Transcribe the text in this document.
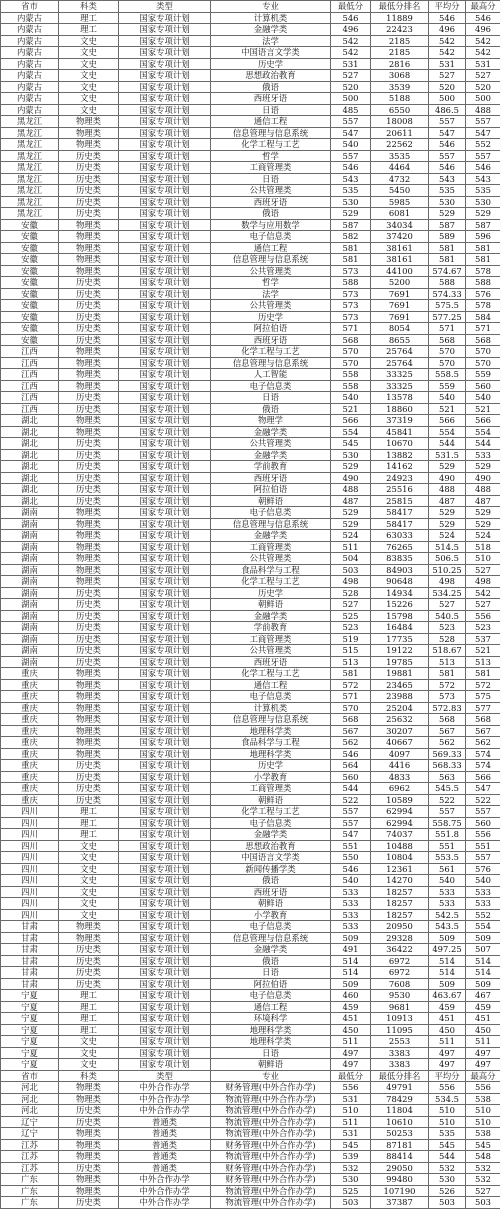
省市	科类	类型	专业	最低分	最低分排名	平均分	最高分
内蒙古	理工	国家专项计划	计算机类	546	11889	546	546
内蒙古	理工	国家专项计划	金融学类	496	22423	496	496
内蒙古	文史	国家专项计划	法学	542	2185	542	542
内蒙古	文史	国家专项计划	中国语言文学类	542	2185	542	542
内蒙古	文史	国家专项计划	历史学	531	2816	531	531
内蒙古	文史	国家专项计划	思想政治教育	527	3068	527	527
内蒙古	文史	国家专项计划	俄语	520	3539	520	520
内蒙古	文史	国家专项计划	西班牙语	500	5188	500	500
内蒙古	文史	国家专项计划	日语	485	6550	486.5	488
黑龙江	物理类	国家专项计划	通信工程	557	18008	557	557
黑龙江	物理类	国家专项计划	信息管理与信息系统	547	20611	547	547
黑龙江	物理类	国家专项计划	化学工程与工艺	540	22562	546	552
黑龙江	历史类	国家专项计划	哲学	557	3535	557	557
黑龙江	历史类	国家专项计划	工商管理类	546	4464	546	546
黑龙江	历史类	国家专项计划	日语	543	4732	543	543
黑龙江	历史类	国家专项计划	公共管理类	535	5450	535	535
黑龙江	历史类	国家专项计划	西班牙语	530	5985	530	530
黑龙江	历史类	国家专项计划	俄语	529	6081	529	529
安徽	物理类	国家专项计划	数学与应用数学	587	34034	587	587
安徽	物理类	国家专项计划	电子信息类	582	37420	589	596
安徽	物理类	国家专项计划	通信工程	581	38161	581	581
安徽	物理类	国家专项计划	信息管理与信息系统	581	38161	581	581
安徽	物理类	国家专项计划	公共管理类	573	44100	574.67	578
安徽	历史类	国家专项计划	哲学	588	5200	588	588
安徽	历史类	国家专项计划	法学	573	7691	574.33	576
安徽	历史类	国家专项计划	公共管理类	573	7691	575.5	578
安徽	历史类	国家专项计划	历史学	573	7691	577.25	584
安徽	历史类	国家专项计划	阿拉伯语	571	8054	571	571
安徽	历史类	国家专项计划	西班牙语	568	8655	568	568
江西	物理类	国家专项计划	化学工程与工艺	570	25764	570	570
江西	物理类	国家专项计划	信息管理与信息系统	570	25764	570	570
江西	物理类	国家专项计划	人工智能	558	33325	558.5	559
江西	物理类	国家专项计划	电子信息类	558	33325	559	560
江西	历史类	国家专项计划	日语	540	13578	540	540
江西	历史类	国家专项计划	俄语	521	18860	521	521
湖北	物理类	国家专项计划	物理学	566	37319	566	566
湖北	物理类	国家专项计划	金融学类	554	45841	554	554
湖北	历史类	国家专项计划	公共管理类	545	10670	544	544
湖北	历史类	国家专项计划	金融学类	530	13882	531.5	533
湖北	历史类	国家专项计划	学前教育	529	14162	529	529
湖北	历史类	国家专项计划	西班牙语	490	24923	490	490
湖北	历史类	国家专项计划	阿拉伯语	488	25516	488	488
湖北	历史类	国家专项计划	朝鲜语	487	25815	487	487
湖南	物理类	国家专项计划	电子信息类	529	58417	529	529
湖南	物理类	国家专项计划	信息管理与信息系统	529	58417	529	529
湖南	物理类	国家专项计划	金融学类	524	63033	524	524
湖南	物理类	国家专项计划	工商管理类	511	76265	514.5	518
湖南	物理类	国家专项计划	公共管理类	504	83835	506.5	510
湖南	物理类	国家专项计划	食品科学与工程	503	84903	510.25	527
湖南	物理类	国家专项计划	化学工程与工艺	498	90648	498	498
湖南	历史类	国家专项计划	历史学	528	14934	534.25	542
湖南	历史类	国家专项计划	朝鲜语	527	15226	527	527
湖南	历史类	国家专项计划	金融学类	525	15798	540.5	556
湖南	历史类	国家专项计划	学前教育	523	16484	523	523
湖南	历史类	国家专项计划	工商管理类	519	17735	528	537
湖南	历史类	国家专项计划	公共管理类	515	19122	518.67	521
湖南	历史类	国家专项计划	西班牙语	513	19785	513	513
重庆	物理类	国家专项计划	化学工程与工艺	581	19881	581	581
重庆	物理类	国家专项计划	通信工程	572	23465	572	572
重庆	物理类	国家专项计划	电子信息类	571	23988	573	575
重庆	物理类	国家专项计划	计算机类	570	25204	572.83	577
重庆	物理类	国家专项计划	信息管理与信息系统	568	25632	568	568
重庆	物理类	国家专项计划	地理科学类	567	30207	567	567
重庆	物理类	国家专项计划	食品科学与工程	562	40667	562	562
重庆	物理类	国家专项计划	地理科学类	546	4097	569.33	574
重庆	历史类	国家专项计划	历史学	564	4416	568.33	574
重庆	历史类	国家专项计划	小学教育	560	4833	563	566
重庆	历史类	国家专项计划	工商管理类	544	6962	545.5	547
重庆	历史类	国家专项计划	朝鲜语	522	10589	522	522
四川	理工	国家专项计划	化学工程与工艺	557	62994	557	557
四川	理工	国家专项计划	电子信息类	557	62994	558.75	560
四川	理工	国家专项计划	金融学类	547	74037	551.8	556
四川	文史	国家专项计划	思想政治教育	551	10488	551	551
四川	文史	国家专项计划	中国语言文学类	550	10804	553.5	557
四川	文史	国家专项计划	新闻传播学类	546	12361	561	576
四川	文史	国家专项计划	俄语	540	14270	540	540
四川	文史	国家专项计划	西班牙语	533	18257	533	533
四川	文史	国家专项计划	朝鲜语	533	18257	533	533
四川	文史	国家专项计划	小学教育	533	18257	542.5	552
甘肃	物理类	国家专项计划	电子信息类	533	20950	543.5	554
甘肃	物理类	国家专项计划	信息管理与信息系统	509	29328	509	509
甘肃	历史类	国家专项计划	金融学类	491	36422	497.25	507
甘肃	历史类	国家专项计划	俄语	514	6972	514	514
甘肃	历史类	国家专项计划	日语	514	6972	514	514
甘肃	历史类	国家专项计划	阿拉伯语	509	7608	509	509
宁夏	理工	国家专项计划	电子信息类	460	9530	463.67	467
宁夏	理工	国家专项计划	通信工程	459	9681	459	459
宁夏	理工	国家专项计划	环境科学	451	10913	451	451
宁夏	理工	国家专项计划	地理科学类	450	11095	450	450
宁夏	文史	国家专项计划	地理科学类	511	2553	511	511
宁夏	文史	国家专项计划	日语	497	3383	497	497
宁夏	文史	国家专项计划	朝鲜语	497	3383	497	497
省市	科类	类型	专业	最低分	最低分排名	平均分	最高分
河北	物理类	中外合作办学	财务管理(中外合作办学)	556	49791	556	556
河北	物理类	中外合作办学	物流管理(中外合作办学)	531	78429	534.5	538
河北	历史类	中外合作办学	物流管理(中外合作办学)	510	11804	510	510
辽宁	历史类	普通类	物流管理(中外合作办学)	511	10610	510	510
辽宁	物理类	普通类	物流管理(中外合作办学)	531	50253	535	538
江苏	物理类	普通类	财务管理(中外合作办学)	545	87181	545	545
江苏	物理类	普通类	物流管理(中外合作办学)	539	88414	544	548
江苏	历史类	普通类	财务管理(中外合作办学)	532	29050	532	532
广东	物理类	中外合作办学	财务管理(中外合作办学)	530	99480	530	532
广东	物理类	中外合作办学	物流管理(中外合作办学)	525	107190	526	527
广东	历史类	中外合作办学	物流管理(中外合作办学)	503	37387	503	503
